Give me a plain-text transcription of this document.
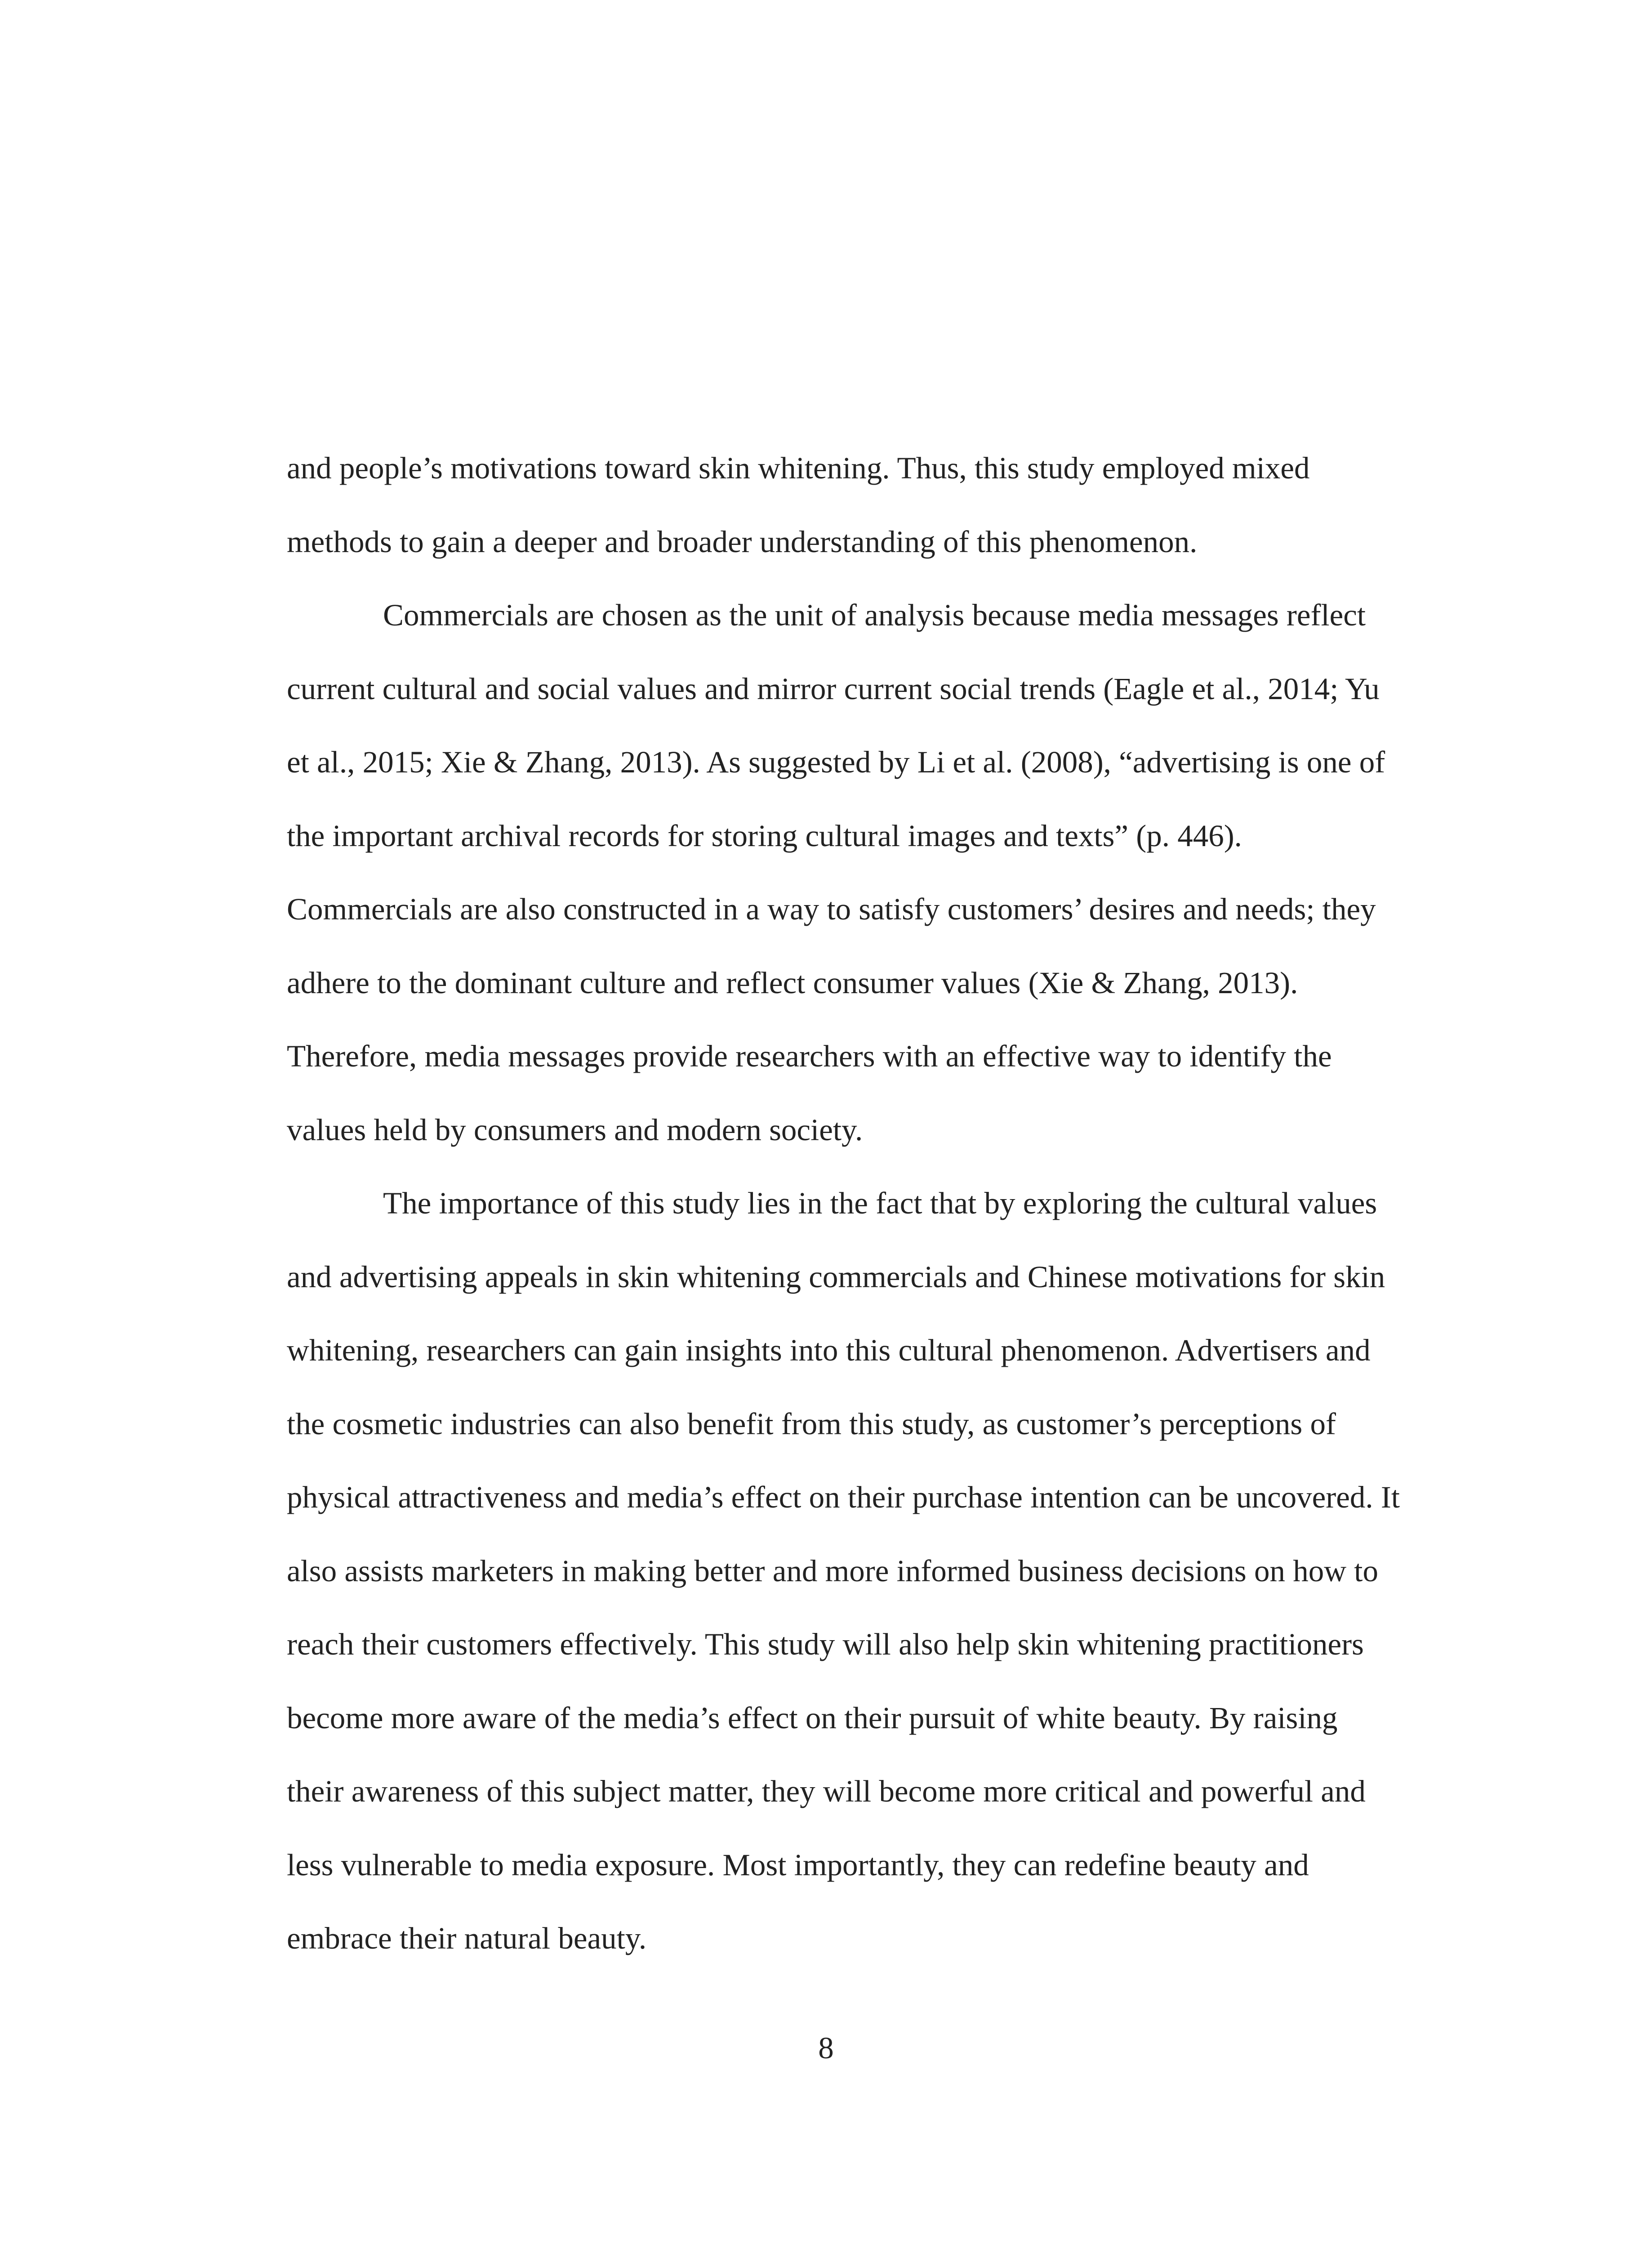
and people’s motivations toward skin whitening. Thus, this study employed mixed
methods to gain a deeper and broader understanding of this phenomenon.
Commercials are chosen as the unit of analysis because media messages reflect
current cultural and social values and mirror current social trends (Eagle et al., 2014; Yu
et al., 2015; Xie & Zhang, 2013). As suggested by Li et al. (2008), “advertising is one of
the important archival records for storing cultural images and texts” (p. 446).
Commercials are also constructed in a way to satisfy customers’ desires and needs; they
adhere to the dominant culture and reflect consumer values (Xie & Zhang, 2013).
Therefore, media messages provide researchers with an effective way to identify the
values held by consumers and modern society.
The importance of this study lies in the fact that by exploring the cultural values
and advertising appeals in skin whitening commercials and Chinese motivations for skin
whitening, researchers can gain insights into this cultural phenomenon. Advertisers and
the cosmetic industries can also benefit from this study, as customer’s perceptions of
physical attractiveness and media’s effect on their purchase intention can be uncovered. It
also assists marketers in making better and more informed business decisions on how to
reach their customers effectively. This study will also help skin whitening practitioners
become more aware of the media’s effect on their pursuit of white beauty. By raising
their awareness of this subject matter, they will become more critical and powerful and
less vulnerable to media exposure. Most importantly, they can redefine beauty and
embrace their natural beauty.
8
